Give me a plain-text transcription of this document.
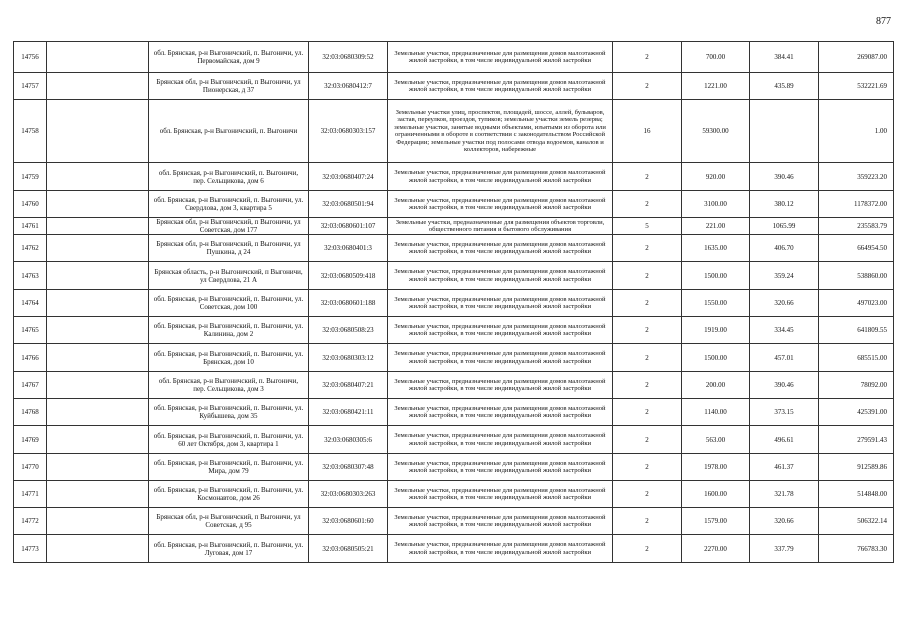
877
14756		обл. Брянская, р-н Выгоничский, п. Выгоничи, ул. Первомайская, дом 9	32:03:0680309:52	Земельные участки, предназначенные для размещения домов малоэтажной жилой застройки, в том числе индивидуальной жилой застройки	2	700.00	384.41	269087.00
14757		Брянская обл, р-н Выгоничский, п Выгоничи, ул Пионерская, д 37	32:03:0680412:7	Земельные участки, предназначенные для размещения домов малоэтажной жилой застройки, в том числе индивидуальной жилой застройки	2	1221.00	435.89	532221.69
14758		обл. Брянская, р-н Выгоничский, п. Выгоничи	32:03:0680303:157	Земельные участки улиц, проспектов, площадей, шоссе, аллей, бульваров, застав, переулков, проездов, тупиков; земельные участки земель резерва; земельные участки, занятые водными объектами, изъятыми из оборота или ограниченными в обороте в соответствии с законодательством Российской Федерации; земельные участки под полосами отвода водоемов, каналов и коллекторов, набережные	16	59300.00		1.00
14759		обл. Брянская, р-н Выгоничский, п. Выгоничи, пер. Сельщикова, дом 6	32:03:0680407:24	Земельные участки, предназначенные для размещения домов малоэтажной жилой застройки, в том числе индивидуальной жилой застройки	2	920.00	390.46	359223.20
14760		обл. Брянская, р-н Выгоничский, п. Выгоничи, ул. Свердлова, дом 3, квартира 5	32:03:0680501:94	Земельные участки, предназначенные для размещения домов малоэтажной жилой застройки, в том числе индивидуальной жилой застройки	2	3100.00	380.12	1178372.00
14761		Брянская обл, р-н Выгоничский, п Выгоничи, ул Советская, дом 177	32:03:0680601:107	Земельные участки, предназначенные для размещения объектов торговли, общественного питания и бытового обслуживания	5	221.00	1065.99	235583.79
14762		Брянская обл, р-н Выгоничский, п Выгоничи, ул Пушкина, д 24	32:03:0680401:3	Земельные участки, предназначенные для размещения домов малоэтажной жилой застройки, в том числе индивидуальной жилой застройки	2	1635.00	406.70	664954.50
14763		Брянская область, р-н Выгоничский, п Выгоничи, ул Свердлова, 21 А	32:03:0680509:418	Земельные участки, предназначенные для размещения домов малоэтажной жилой застройки, в том числе индивидуальной жилой застройки	2	1500.00	359.24	538860.00
14764		обл. Брянская, р-н Выгоничский, п. Выгоничи, ул. Советская, дом 100	32:03:0680601:188	Земельные участки, предназначенные для размещения домов малоэтажной жилой застройки, в том числе индивидуальной жилой застройки	2	1550.00	320.66	497023.00
14765		обл. Брянская, р-н Выгоничский, п. Выгоничи, ул. Калинина, дом 2	32:03:0680508:23	Земельные участки, предназначенные для размещения домов малоэтажной жилой застройки, в том числе индивидуальной жилой застройки	2	1919.00	334.45	641809.55
14766		обл. Брянская, р-н Выгоничский, п. Выгоничи, ул. Брянская, дом 10	32:03:0680303:12	Земельные участки, предназначенные для размещения домов малоэтажной жилой застройки, в том числе индивидуальной жилой застройки	2	1500.00	457.01	685515.00
14767		обл. Брянская, р-н Выгоничский, п. Выгоничи, пер. Сельщикова, дом 3	32:03:0680407:21	Земельные участки, предназначенные для размещения домов малоэтажной жилой застройки, в том числе индивидуальной жилой застройки	2	200.00	390.46	78092.00
14768		обл. Брянская, р-н Выгоничский, п. Выгоничи, ул. Куйбышева, дом 35	32:03:0680421:11	Земельные участки, предназначенные для размещения домов малоэтажной жилой застройки, в том числе индивидуальной жилой застройки	2	1140.00	373.15	425391.00
14769		обл. Брянская, р-н Выгоничский, п. Выгоничи, ул. 60 лет Октября, дом 3, квартира 1	32:03:0680305:6	Земельные участки, предназначенные для размещения домов малоэтажной жилой застройки, в том числе индивидуальной жилой застройки	2	563.00	496.61	279591.43
14770		обл. Брянская, р-н Выгоничский, п. Выгоничи, ул. Мира, дом 79	32:03:0680307:48	Земельные участки, предназначенные для размещения домов малоэтажной жилой застройки, в том числе индивидуальной жилой застройки	2	1978.00	461.37	912589.86
14771		обл. Брянская, р-н Выгоничский, п. Выгоничи, ул. Космонавтов, дом 26	32:03:0680303:263	Земельные участки, предназначенные для размещения домов малоэтажной жилой застройки, в том числе индивидуальной жилой застройки	2	1600.00	321.78	514848.00
14772		Брянская обл, р-н Выгоничский, п Выгоничи, ул Советская, д 95	32:03:0680601:60	Земельные участки, предназначенные для размещения домов малоэтажной жилой застройки, в том числе индивидуальной жилой застройки	2	1579.00	320.66	506322.14
14773		обл. Брянская, р-н Выгоничский, п. Выгоничи, ул. Луговая, дом 17	32:03:0680505:21	Земельные участки, предназначенные для размещения домов малоэтажной жилой застройки, в том числе индивидуальной жилой застройки	2	2270.00	337.79	766783.30
